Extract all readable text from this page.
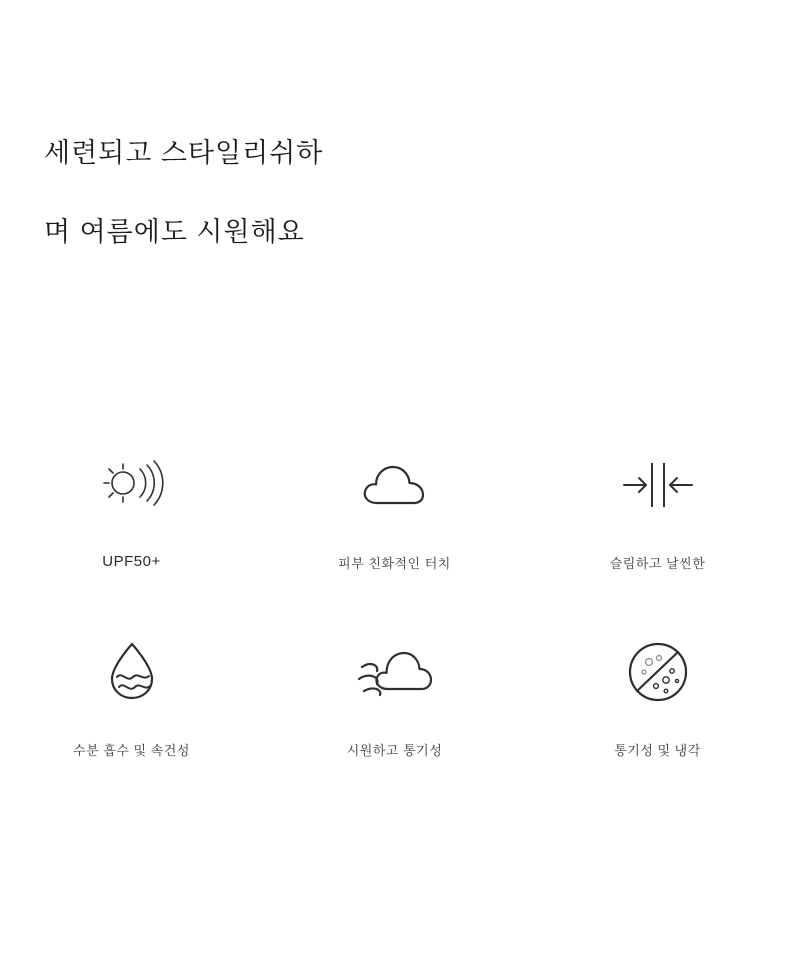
세련되고 스타일리쉬하
며 여름에도 시원해요
UPF50+	피부 친화적인 터치	슬림하고 날씬한
수분 흡수 및 속건성	시원하고 통기성	통기성 및 냉각
